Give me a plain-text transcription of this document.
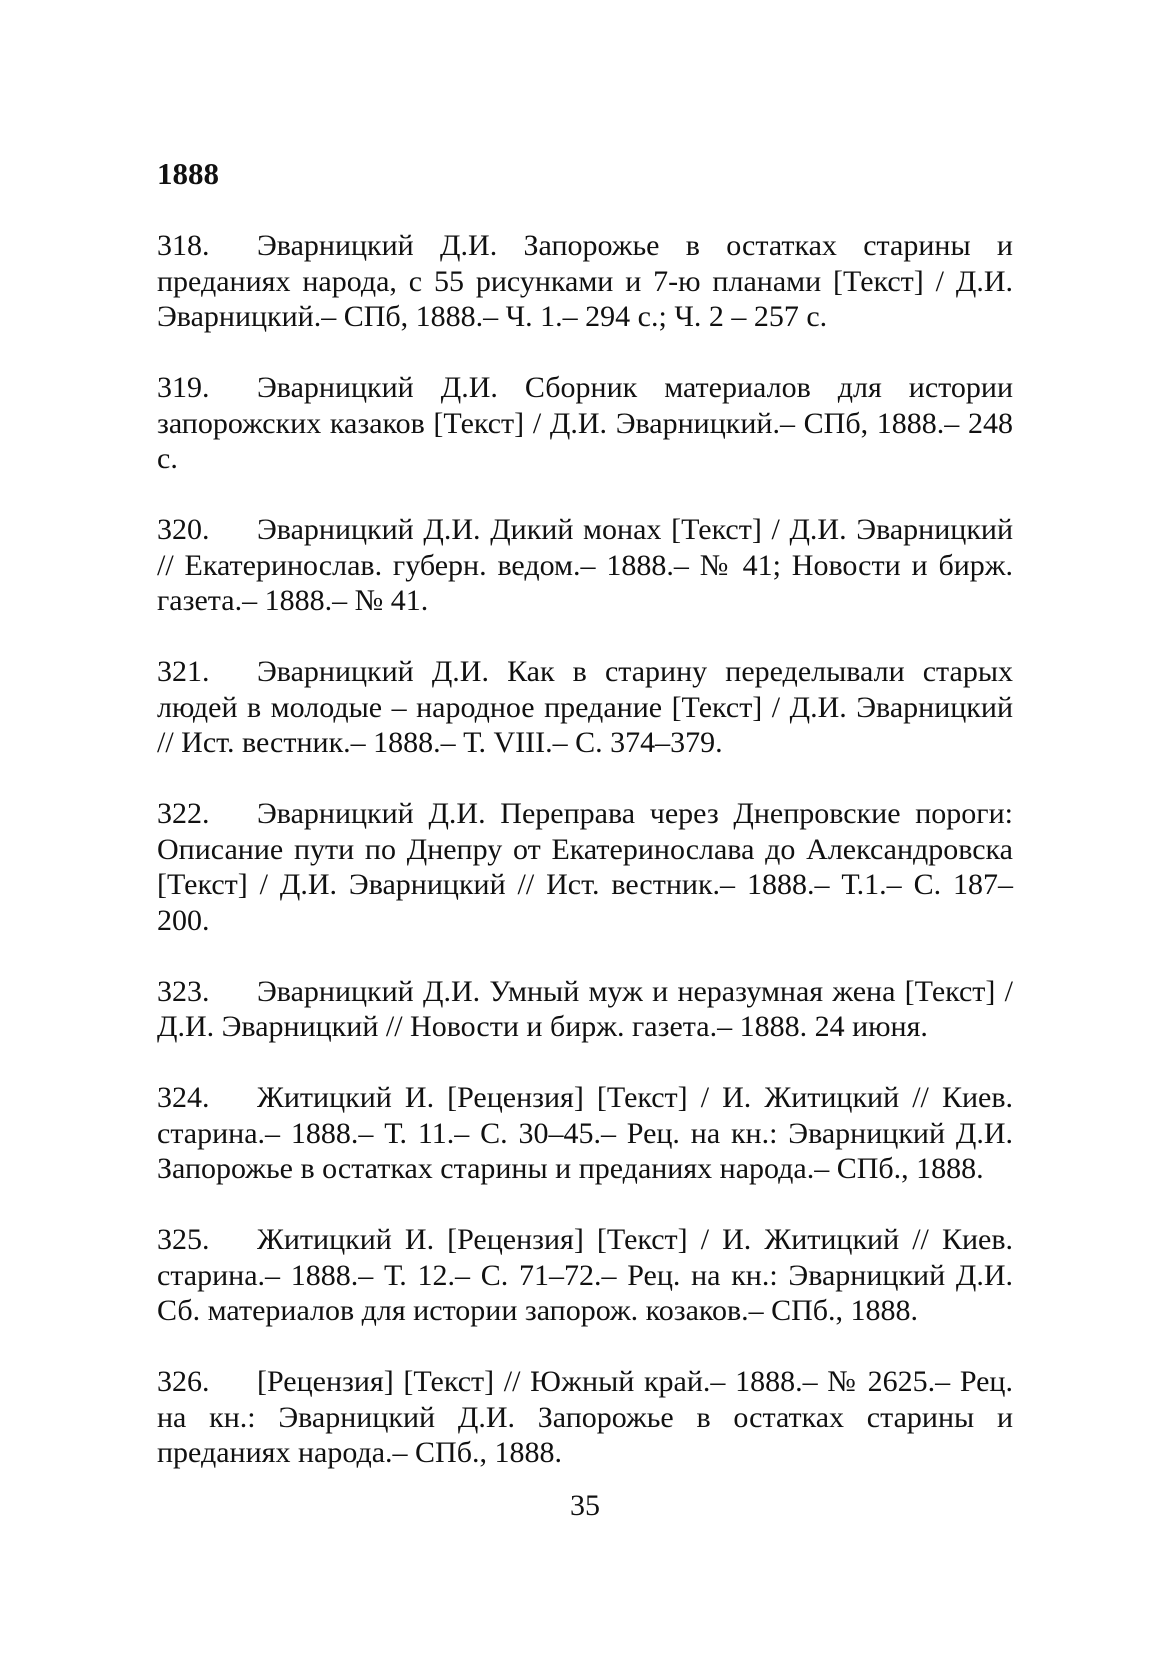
1888

318. Эварницкий Д.И. Запорожье в остатках старины и преданиях народа, с 55 рисунками и 7-ю планами [Текст] / Д.И. Эварницкий.– СПб, 1888.– Ч. 1.– 294 с.; Ч. 2 – 257 с.

319. Эварницкий Д.И. Сборник материалов для истории запорожских казаков [Текст] / Д.И. Эварницкий.– СПб, 1888.– 248 с.

320. Эварницкий Д.И. Дикий монах [Текст] / Д.И. Эварницкий // Екатеринослав. губерн. ведом.– 1888.– № 41; Новости и бирж. газета.– 1888.– № 41.

321. Эварницкий Д.И. Как в старину переделывали старых людей в молодые – народное предание [Текст] / Д.И. Эварницкий // Ист. вестник.– 1888.– Т. VIII.– С. 374–379.

322. Эварницкий Д.И. Переправа через Днепровские пороги: Описание пути по Днепру от Екатеринослава до Александровска [Текст] / Д.И. Эварницкий // Ист. вестник.– 1888.– Т.1.– С. 187–200.

323. Эварницкий Д.И. Умный муж и неразумная жена [Текст] / Д.И. Эварницкий // Новости и бирж. газета.– 1888. 24 июня.

324. Житицкий И. [Рецензия] [Текст] / И. Житицкий // Киев. старина.– 1888.– Т. 11.– С. 30–45.– Рец. на кн.: Эварницкий Д.И. Запорожье в остатках старины и преданиях народа.– СПб., 1888.

325. Житицкий И. [Рецензия] [Текст] / И. Житицкий // Киев. старина.– 1888.– Т. 12.– С. 71–72.– Рец. на кн.: Эварницкий Д.И. Сб. материалов для истории запорож. козаков.– СПб., 1888.

326. [Рецензия] [Текст] // Южный край.– 1888.– № 2625.– Рец. на кн.: Эварницкий Д.И. Запорожье в остатках старины и преданиях народа.– СПб., 1888.

35
